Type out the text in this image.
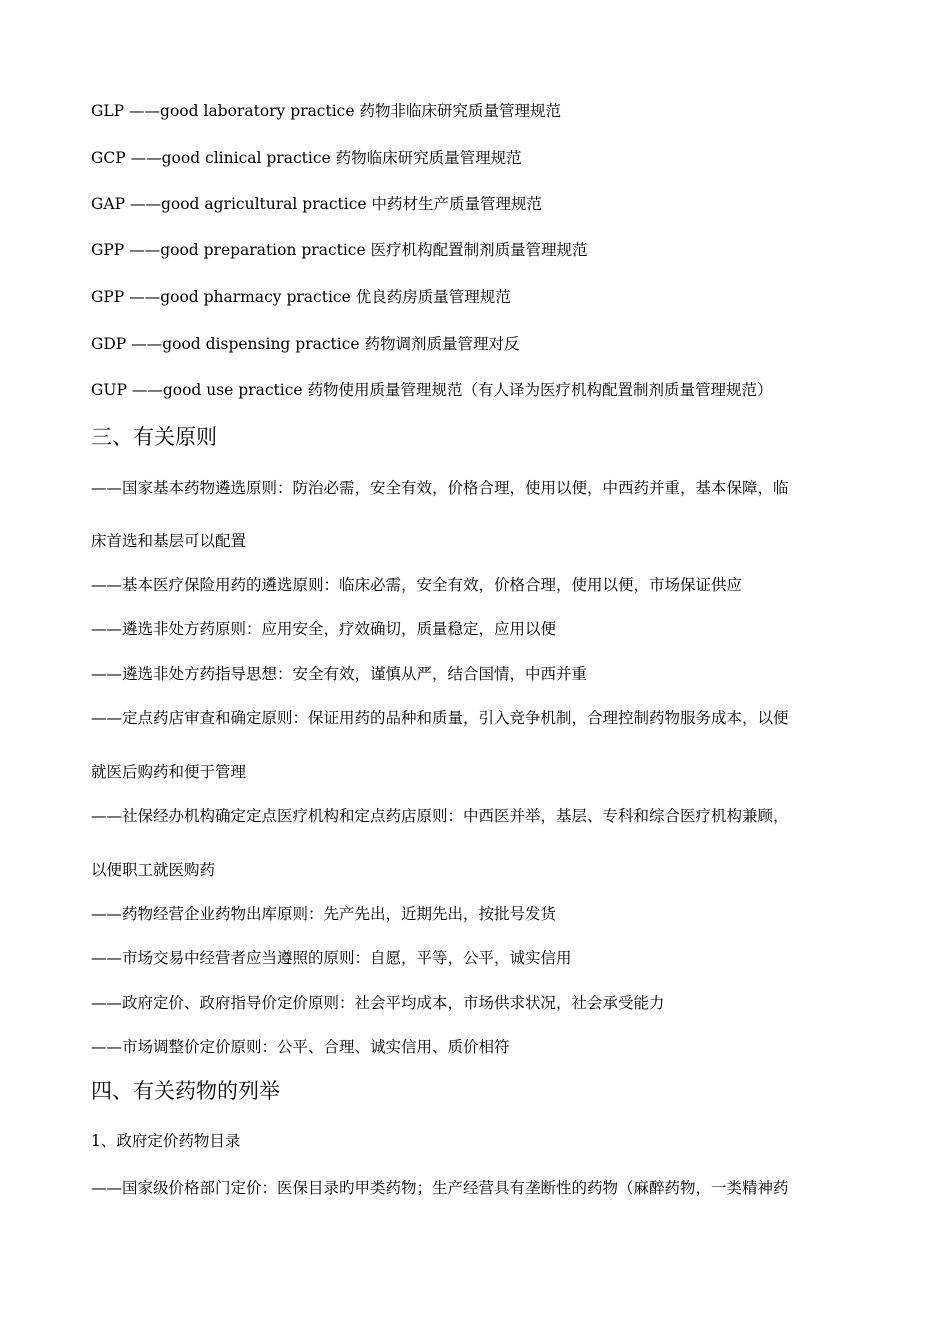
GLP ——good laboratory practice 药物非临床研究质量管理规范
GCP ——good clinical practice 药物临床研究质量管理规范
GAP ——good agricultural practice 中药材生产质量管理规范
GPP ——good preparation practice 医疗机构配置制剂质量管理规范
GPP ——good pharmacy practice 优良药房质量管理规范
GDP ——good dispensing practice 药物调剂质量管理对反
GUP ——good use practice 药物使用质量管理规范（有人译为医疗机构配置制剂质量管理规范）
三、有关原则
——国家基本药物遴选原则：防治必需，安全有效，价格合理，使用以便，中西药并重，基本保障，临
床首选和基层可以配置
——基本医疗保险用药的遴选原则：临床必需，安全有效，价格合理，使用以便，市场保证供应
——遴选非处方药原则：应用安全，疗效确切，质量稳定，应用以便
——遴选非处方药指导思想：安全有效，谨慎从严，结合国情，中西并重
——定点药店审查和确定原则：保证用药的品种和质量，引入竞争机制，合理控制药物服务成本，以便
就医后购药和便于管理
——社保经办机构确定定点医疗机构和定点药店原则：中西医并举，基层、专科和综合医疗机构兼顾，
以便职工就医购药
——药物经营企业药物出库原则：先产先出，近期先出，按批号发货
——市场交易中经营者应当遵照的原则：自愿，平等，公平，诚实信用
——政府定价、政府指导价定价原则：社会平均成本，市场供求状况，社会承受能力
——市场调整价定价原则：公平、合理、诚实信用、质价相符
四、有关药物的列举
1、政府定价药物目录
——国家级价格部门定价：医保目录旳甲类药物；生产经营具有垄断性的药物（麻醉药物，一类精神药
